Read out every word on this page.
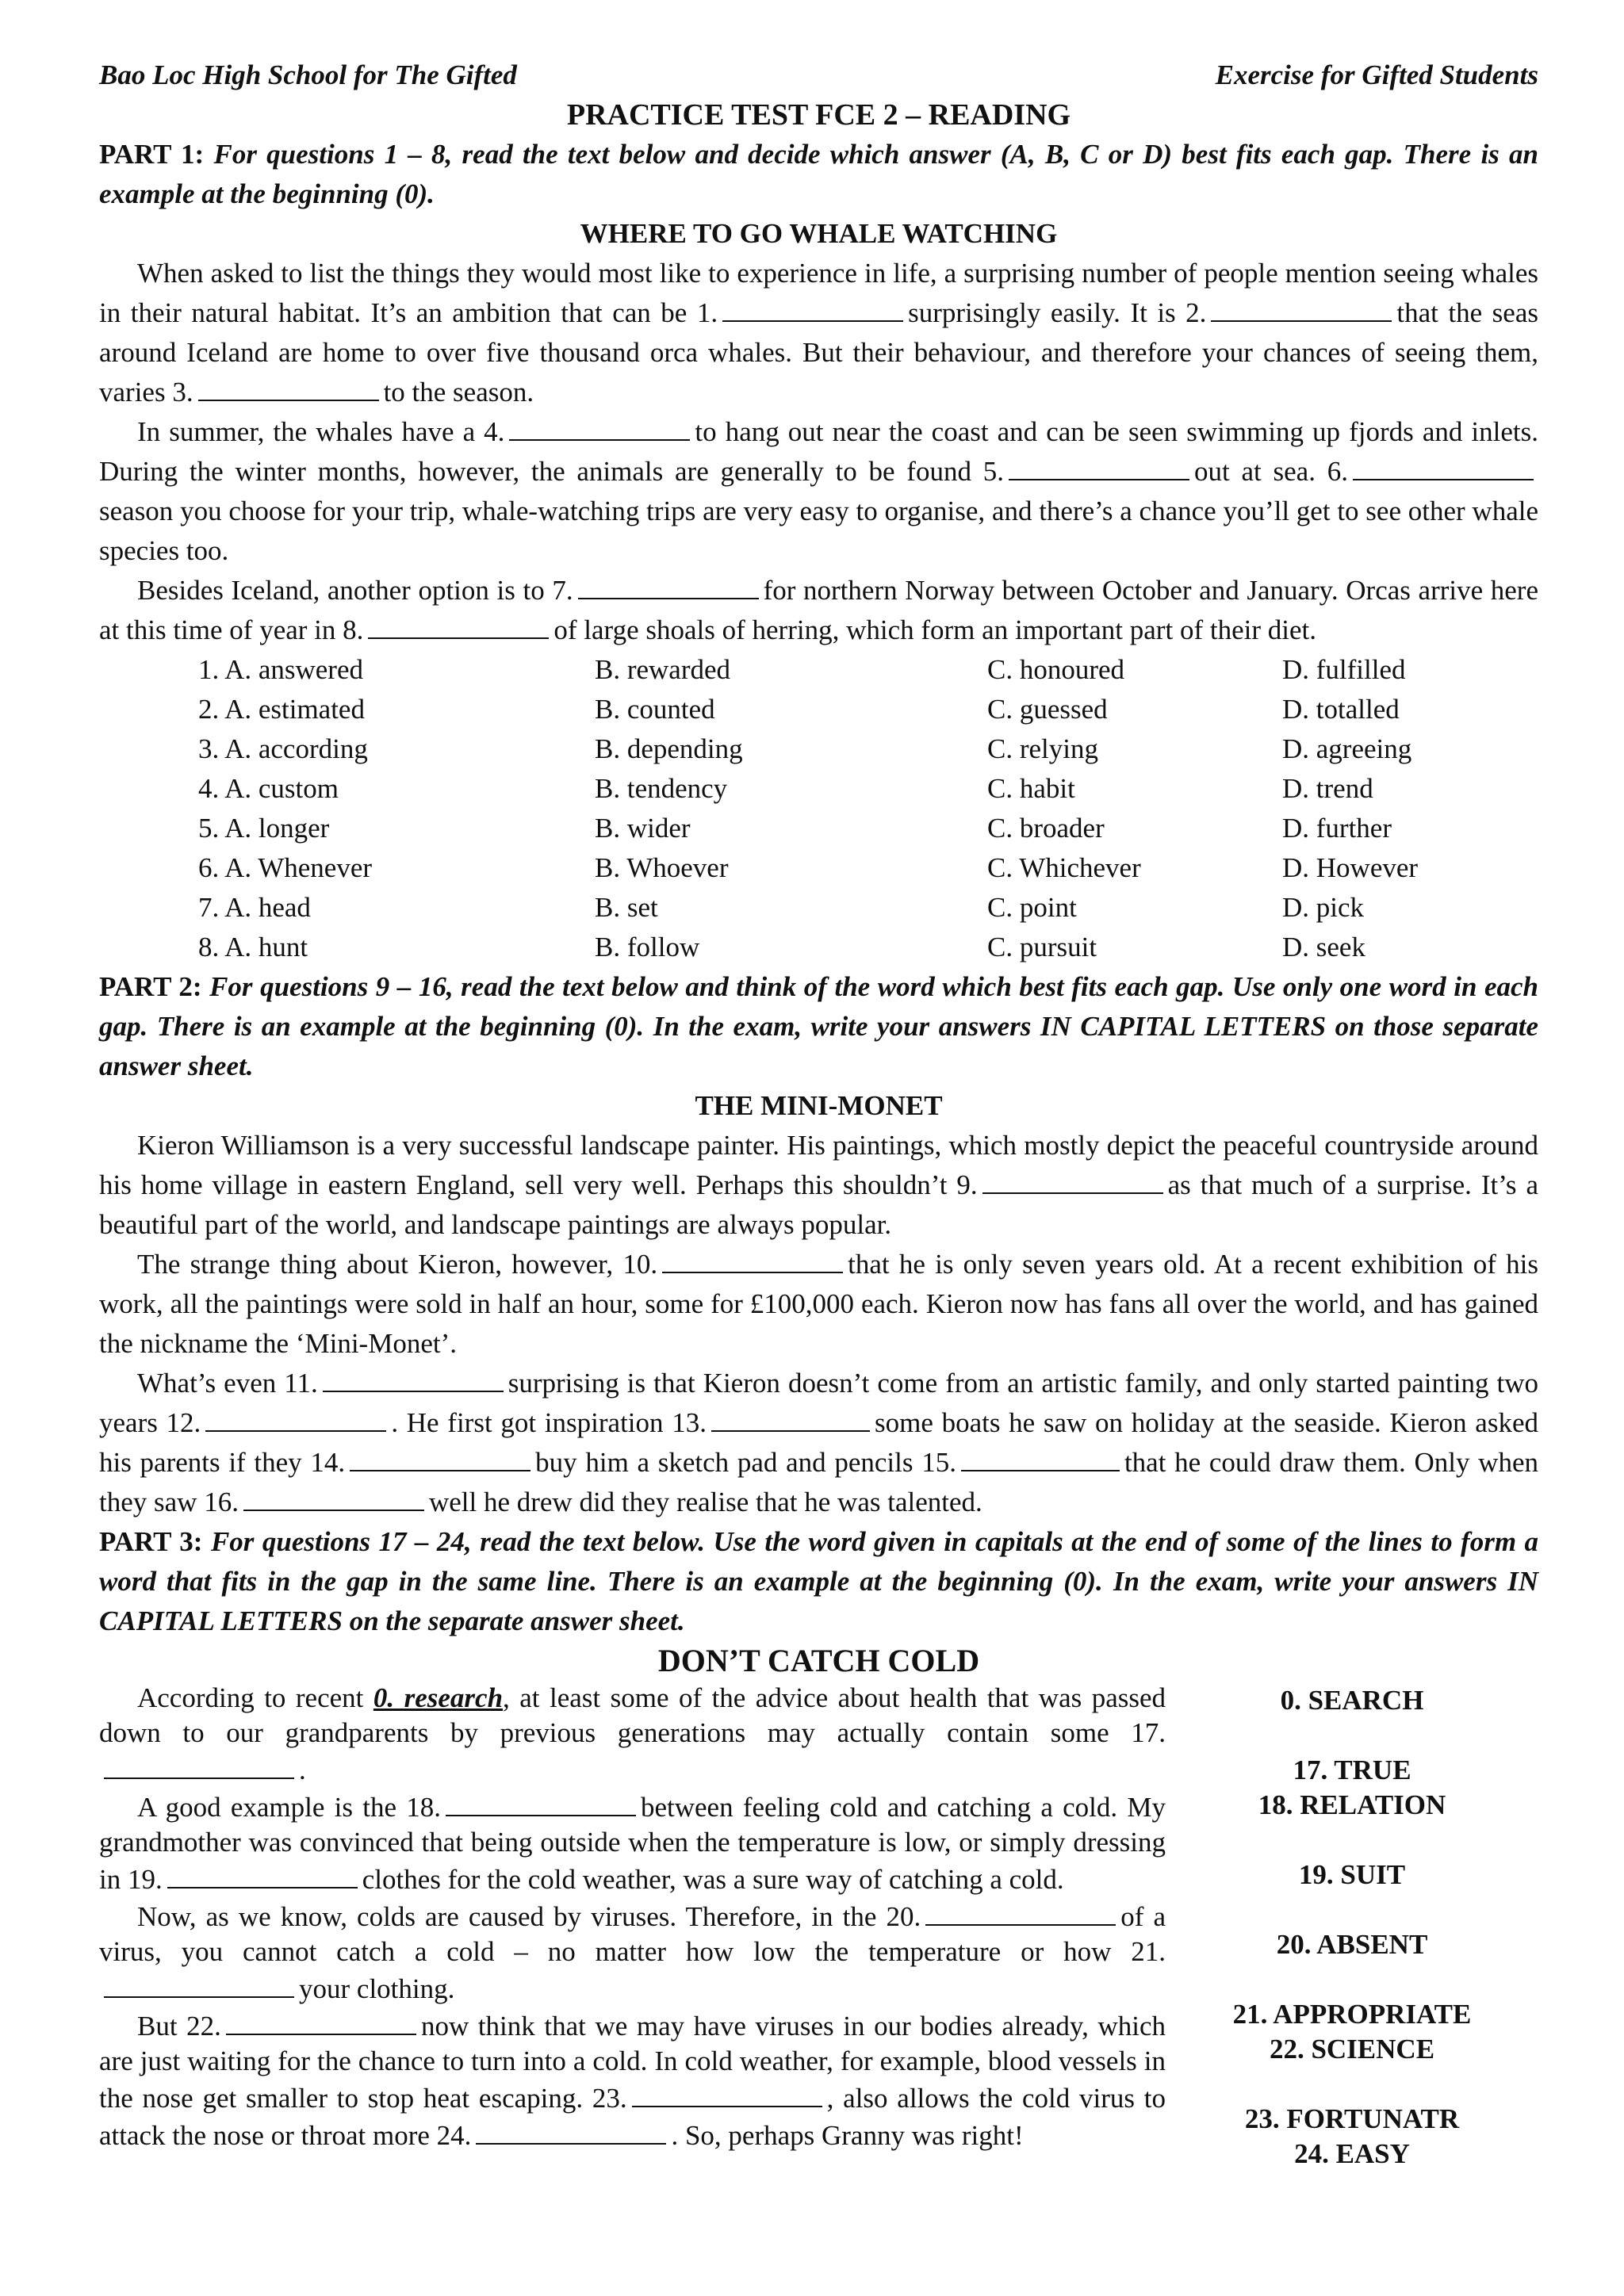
Bao Loc High School for The Gifted	Exercise for Gifted Students
PRACTICE TEST FCE 2 – READING
PART 1: For questions 1 – 8, read the text below and decide which answer (A, B, C or D) best fits each gap. There is an example at the beginning (0).
WHERE TO GO WHALE WATCHING

When asked to list the things they would most like to experience in life, a surprising number of people mention seeing whales in their natural habitat. It’s an ambition that can be 1.	surprisingly easily. It is 2.	that the seas around Iceland are home to over five thousand orca whales. But their behaviour, and therefore your chances of seeing them, varies 3.	to the season.

In summer, the whales have a 4.	to hang out near the coast and can be seen swimming up fjords and inlets. During the winter months, however, the animals are generally to be found 5.	out at sea. 6.season you choose for your trip, whale-watching trips are very easy to organise, and there’s a chance you’ll get to see other whale species too.

Besides Iceland, another option is to 7.	for northern Norway between October and January. Orcas arrive here at this time of year in 8.	of large shoals of herring, which form an important part of their diet.

1. A. answered	B. rewarded	C. honoured	D. fulfilled
2. A. estimated	B. counted	C. guessed	D. totalled
3. A. according	B. depending	C. relying	D. agreeing
4. A. custom	B. tendency	C. habit	D. trend
5. A. longer	B. wider	C. broader	D. further
6. A. Whenever	B. Whoever	C. Whichever	D. However
7. A. head	B. set	C. point	D. pick
8. A. hunt	B. follow	C. pursuit	D. seek
PART 2: For questions 9 – 16, read the text below and think of the word which best fits each gap. Use only one word in each gap. There is an example at the beginning (0). In the exam, write your answers IN CAPITAL LETTERS on those separate answer sheet.
THE MINI-MONET

Kieron Williamson is a very successful landscape painter. His paintings, which mostly depict the peaceful countryside around his home village in eastern England, sell very well. Perhaps this shouldn’t 9.	as that much of a surprise. It’s a beautiful part of the world, and landscape paintings are always popular.

The strange thing about Kieron, however, 10.	that he is only seven years old. At a recent exhibition of his work, all the paintings were sold in half an hour, some for £100,000 each. Kieron now has fans all over the world, and has gained the nickname the ‘Mini-Monet’.

What’s even 11.	surprising is that Kieron doesn’t come from an artistic family, and only started painting two years 12.	. He first got inspiration 13.	some boats he saw on holiday at the seaside. Kieron asked his parents if they 14.	buy him a sketch pad and pencils 15.	that he could draw them. Only when they saw 16.	well he drew did they realise that he was talented.

PART 3: For questions 17 – 24, read the text below. Use the word given in capitals at the end of some of the lines to form a word that fits in the gap in the same line. There is an example at the beginning (0). In the exam, write your answers IN CAPITAL LETTERS on the separate answer sheet.
DON’T CATCH COLD

According to recent 0. research, at least some of the advice about health that was passed down to our grandparents by previous generations may actually contain some 17..

A good example is the 18.	between feeling cold and catching a cold. My grandmother was convinced that being outside when the temperature is low, or simply dressing in 19.	clothes for the cold weather, was a sure way of catching a cold.

Now, as we know, colds are caused by viruses. Therefore, in the 20.	of a virus, you cannot catch a cold – no matter how low the temperature or how 21.your clothing.

But 22.	now think that we may have viruses in our bodies already, which are just waiting for the chance to turn into a cold. In cold weather, for example, blood vessels in the nose get smaller to stop heat escaping. 23.	, also allows the cold virus to attack the nose or throat more 24.	. So, perhaps Granny was right!

0. SEARCH
17. TRUE
18. RELATION
19. SUIT
20. ABSENT
21. APPROPRIATE
22. SCIENCE
23. FORTUNATR
24. EASY
